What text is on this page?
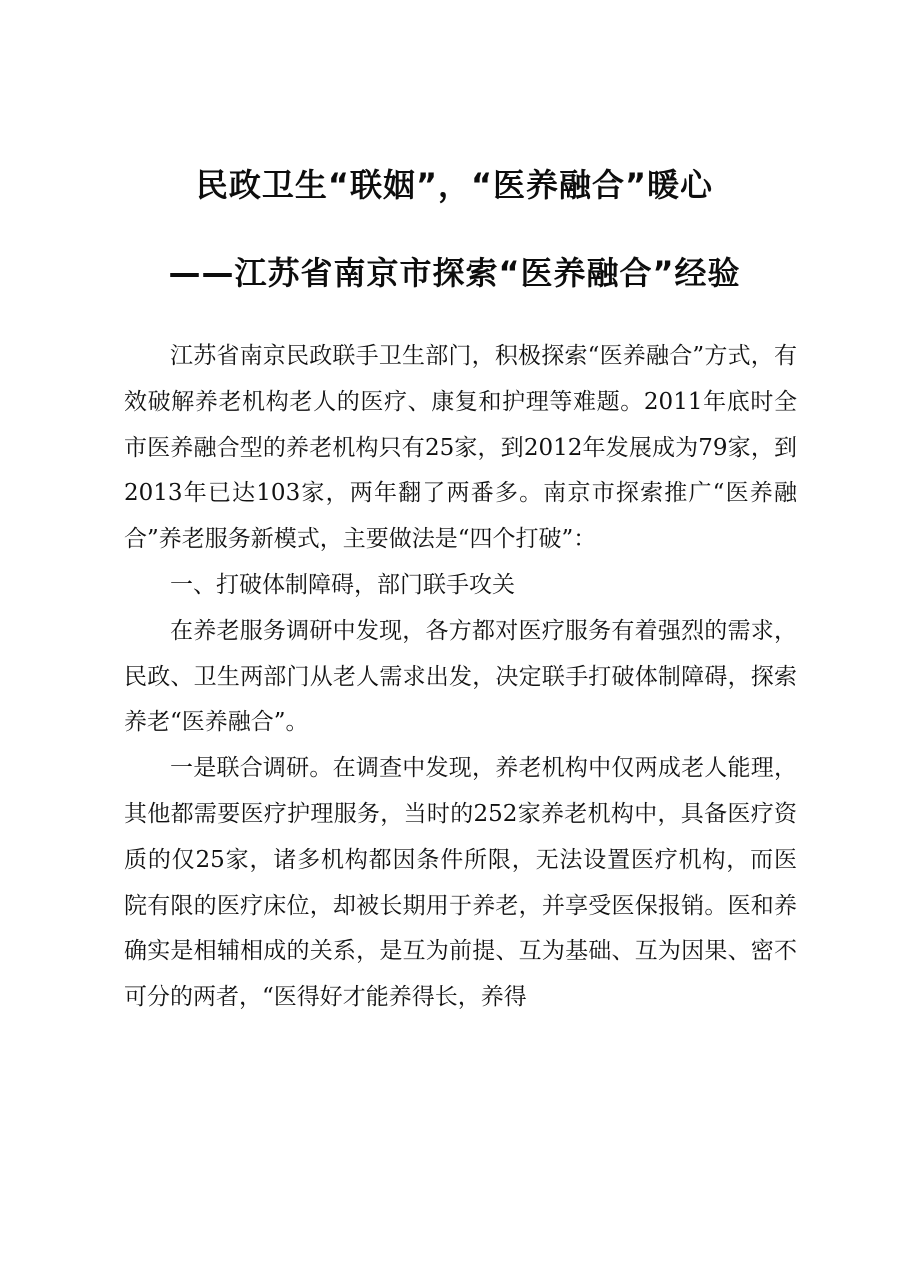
民政卫生“联姻”，“医养融合”暖心
——江苏省南京市探索“医养融合”经验

江苏省南京民政联手卫生部门，积极探索“医养融合”方式，有效破解养老机构老人的医疗、康复和护理等难题。2011年底时全市医养融合型的养老机构只有25家，到2012年发展成为79家，到2013年已达103家，两年翻了两番多。南京市探索推广“医养融合”养老服务新模式，主要做法是“四个打破”：

一、打破体制障碍，部门联手攻关

在养老服务调研中发现，各方都对医疗服务有着强烈的需求，民政、卫生两部门从老人需求出发，决定联手打破体制障碍，探索养老“医养融合”。

一是联合调研。在调查中发现，养老机构中仅两成老人能理，其他都需要医疗护理服务，当时的252家养老机构中，具备医疗资质的仅25家，诸多机构都因条件所限，无法设置医疗机构，而医院有限的医疗床位，却被长期用于养老，并享受医保报销。医和养确实是相辅相成的关系，是互为前提、互为基础、互为因果、密不可分的两者，“医得好才能养得长，养得
